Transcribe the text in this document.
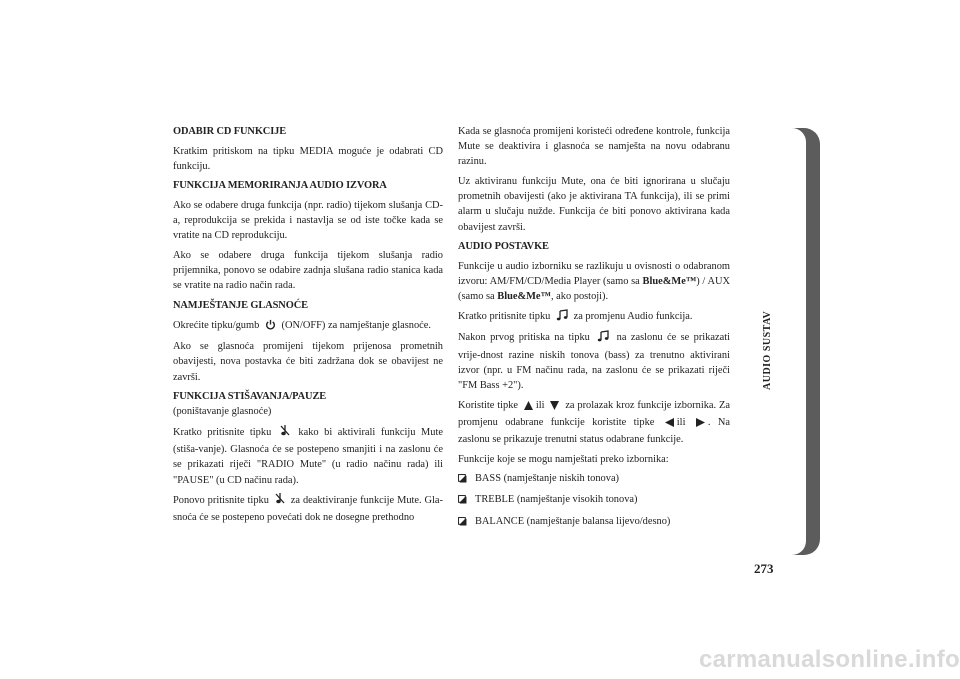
ODABIR CD FUNKCIJE

Kratkim pritiskom na tipku MEDIA moguće je odabrati CD funkciju.

FUNKCIJA MEMORIRANJA AUDIO IZVORA

Ako se odabere druga funkcija (npr. radio) tijekom slušanja CD-a, reprodukcija se prekida i nastavlja se od iste točke kada se vratite na CD reprodukciju.

Ako se odabere druga funkcija tijekom slušanja radio prijemnika, ponovo se odabire zadnja slušana radio stanica kada se vratite na radio način rada.

NAMJEŠTANJE GLASNOĆE

Okrećite tipku/gumb (ON/OFF) za namještanje glasnoće.

Ako se glasnoća promijeni tijekom prijenosa prometnih obavijesti, nova postavka će biti zadržana dok se obavijest ne završi.

FUNKCIJA STIŠAVANJA/PAUZE

(poništavanje glasnoće)

Kratko pritisnite tipku	kako bi aktivirali funkciju Mute (stiša-vanje). Glasnoća će se postepeno smanjiti i na zaslonu će se prikazati riječi "RADIO Mute" (u radio načinu rada) ili "PAUSE" (u CD načinu rada).

Ponovo pritisnite tipku za deaktiviranje funkcije Mute. Gla-snoća će se postepeno povećati dok ne dosegne prethodno

Kada se glasnoća promijeni koristeći određene kontrole, funkcija Mute se deaktivira i glasnoća se namješta na novu odabranu razinu.

Uz aktiviranu funkciju Mute, ona će biti ignorirana u slučaju prometnih obavijesti (ako je aktivirana TA funkcija), ili se primi alarm u slučaju nužde. Funkcija će biti ponovo aktivirana kada obavijest završi.

AUDIO POSTAVKE

Funkcije u audio izborniku se razlikuju u ovisnosti o odabranom izvoru: AM/FM/CD/Media Player (samo sa Blue&Me™) / AUX (samo sa Blue&Me™, ako postoji).

Kratko pritisnite tipku za promjenu Audio funkcija.

Nakon prvog pritiska na tipku	na zaslonu će se prikazati vrije-dnost razine niskih tonova (bass) za trenutno aktivirani izvor (npr. u FM načinu rada, na zaslonu će se prikazati riječi "FM Bass +2").

Koristite tipke ili za prolazak kroz funkcije izbornika. Za promjenu odabrane funkcije koristite tipke ili . Na zaslonu se prikazuje trenutni status odabrane funkcije.

Funkcije koje se mogu namještati preko izbornika:

BASS (namještanje niskih tonova)
TREBLE (namještanje visokih tonova)
BALANCE (namještanje balansa lijevo/desno)
AUDIO SUSTAV
273
carmanualsonline.info
